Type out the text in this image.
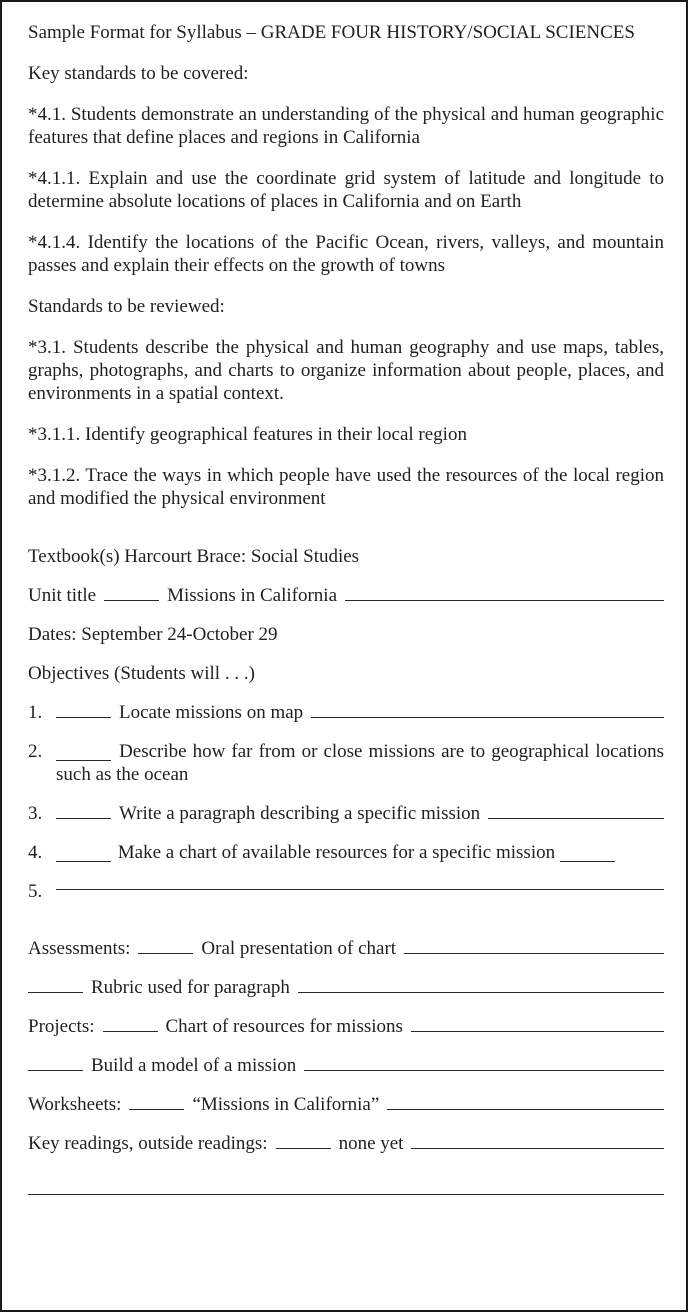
Sample Format for Syllabus – GRADE FOUR HISTORY/SOCIAL SCIENCES

Key standards to be covered:

*4.1. Students demonstrate an understanding of the physical and human geographic features that define places and regions in California

*4.1.1. Explain and use the coordinate grid system of latitude and longitude to determine absolute locations of places in California and on Earth

*4.1.4. Identify the locations of the Pacific Ocean, rivers, valleys, and mountain passes and explain their effects on the growth of towns

Standards to be reviewed:

*3.1. Students describe the physical and human geography and use maps, tables, graphs, photographs, and charts to organize information about people, places, and environments in a spatial context.

*3.1.1. Identify geographical features in their local region

*3.1.2. Trace the ways in which people have used the resources of the local region and modified the physical environment

Textbook(s) Harcourt Brace: Social Studies

Unit title	Missions in California

Dates: September 24-October 29

Objectives (Students will . . .)

1.	Locate missions on map
2.	Describe how far from or close missions are to geographical locations such as the ocean
3.	Write a paragraph describing a specific mission
4.	Make a chart of available resources for a specific mission
5.
Assessments:	Oral presentation of chart
Rubric used for paragraph
Projects:	Chart of resources for missions
Build a model of a mission
Worksheets:	“Missions in California”
Key readings, outside readings:	none yet
